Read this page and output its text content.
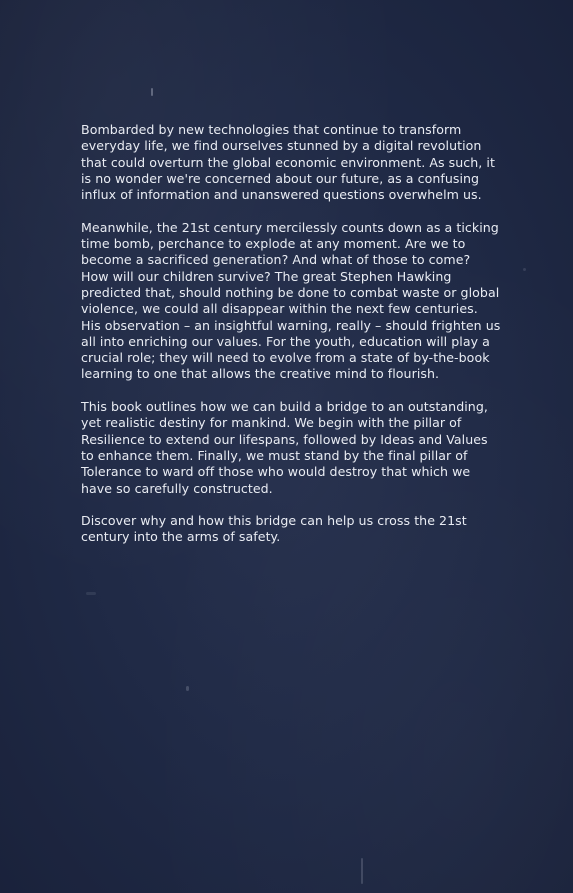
Bombarded by new technologies that continue to transform everyday life, we find ourselves stunned by a digital revolution that could overturn the global economic environment. As such, it is no wonder we're concerned about our future, as a confusing influx of information and unanswered questions overwhelm us.

Meanwhile, the 21st century mercilessly counts down as a ticking time bomb, perchance to explode at any moment. Are we to become a sacrificed generation? And what of those to come? How will our children survive? The great Stephen Hawking predicted that, should nothing be done to combat waste or global violence, we could all disappear within the next few centuries. His observation – an insightful warning, really – should frighten us all into enriching our values. For the youth, education will play a crucial role; they will need to evolve from a state of by-the-book learning to one that allows the creative mind to flourish.

This book outlines how we can build a bridge to an outstanding, yet realistic destiny for mankind. We begin with the pillar of Resilience to extend our lifespans, followed by Ideas and Values to enhance them. Finally, we must stand by the final pillar of Tolerance to ward off those who would destroy that which we have so carefully constructed.

Discover why and how this bridge can help us cross the 21st century into the arms of safety.
